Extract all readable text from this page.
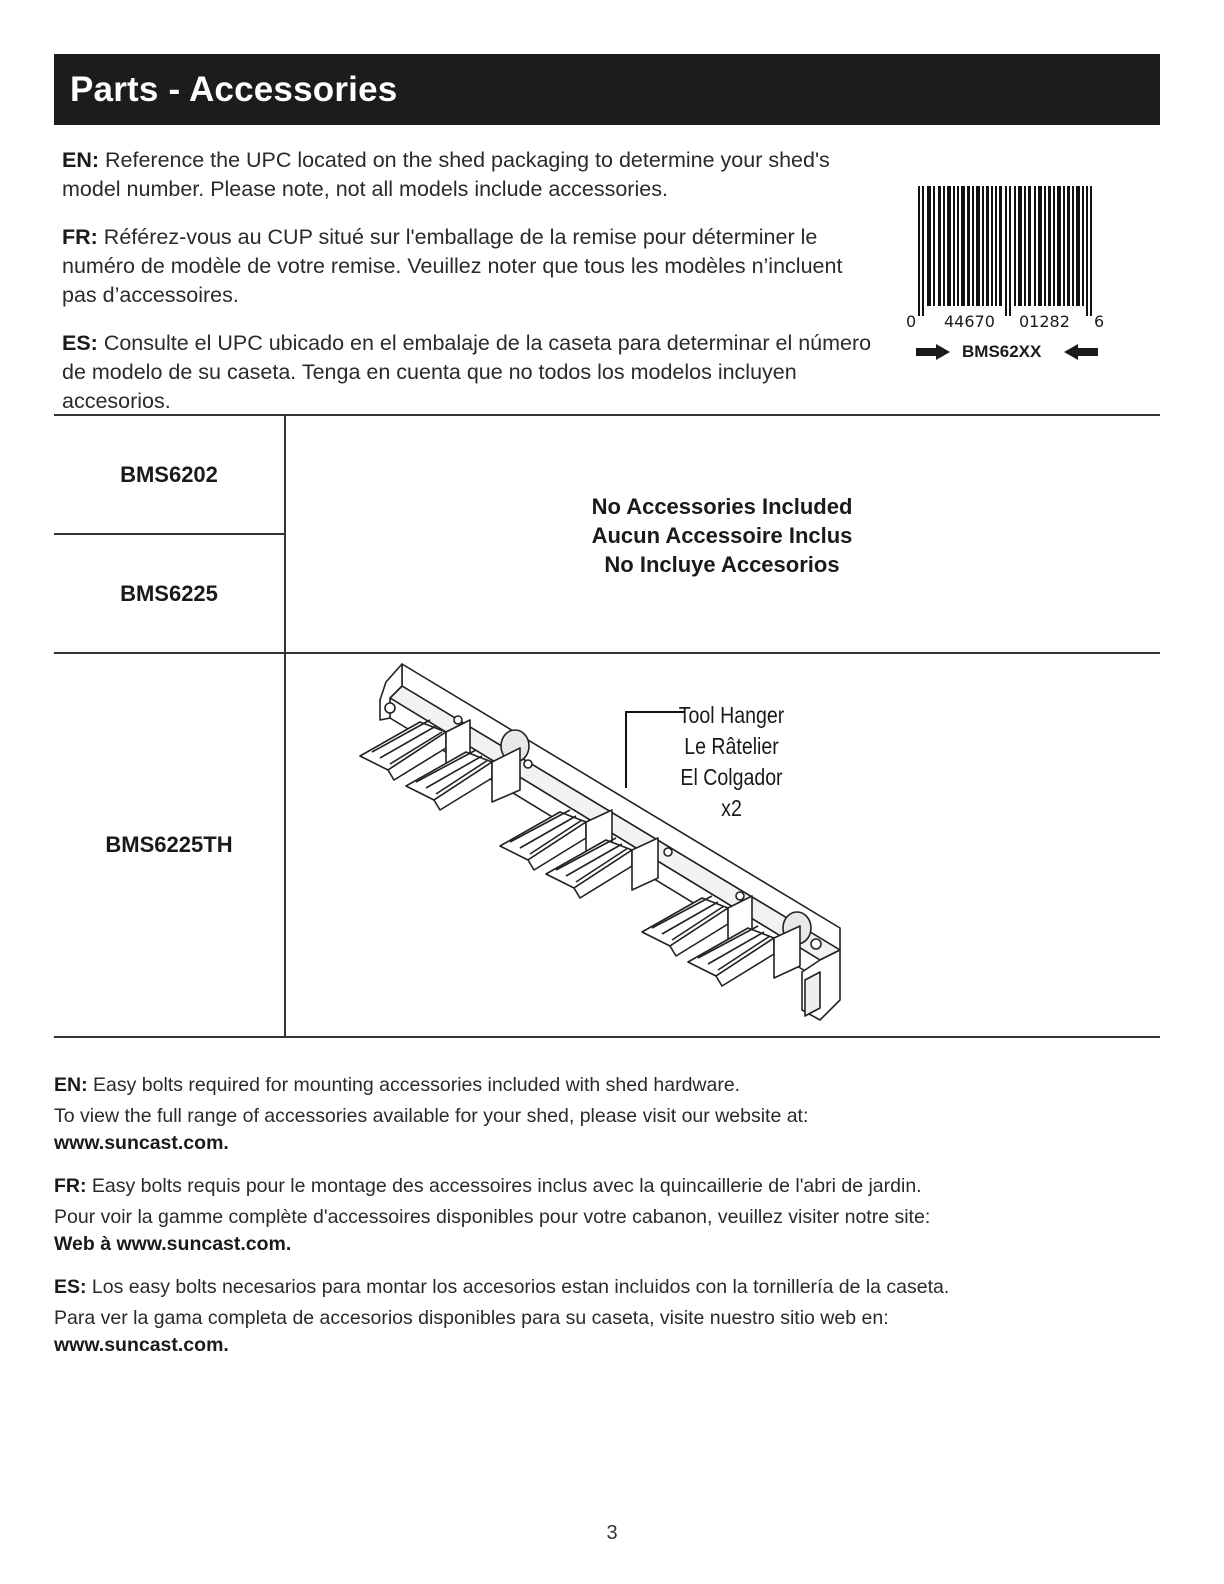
Parts - Accessories

EN: Reference the UPC located on the shed packaging to determine your shed's model number. Please note, not all models include accessories.

FR: Référez-vous au CUP situé sur l'emballage de la remise pour déterminer le numéro de modèle de votre remise. Veuillez noter que tous les modèles n’incluent pas d’accessoires.

ES: Consulte el UPC ubicado en el embalaje de la caseta para determinar el número de modelo de su caseta. Tenga en cuenta que no todos los modelos incluyen accesorios.

0 44670 01282 6
BMS62XX
BMS6202
BMS6225
BMS6225TH
No Accessories Included
Aucun Accessoire Inclus
No Incluye Accesorios
Tool Hanger
Le Râtelier
El Colgador
x2
EN: Easy bolts required for mounting accessories included with shed hardware.
To view the full range of accessories available for your shed, please visit our website at:
www.suncast.com.
FR: Easy bolts requis pour le montage des accessoires inclus avec la quincaillerie de l'abri de jardin.
Pour voir la gamme complète d'accessoires disponibles pour votre cabanon, veuillez visiter notre site:
Web à www.suncast.com.
ES: Los easy bolts necesarios para montar los accesorios estan incluidos con la tornillería de la caseta.
Para ver la gama completa de accesorios disponibles para su caseta, visite nuestro sitio web en:
www.suncast.com.
3
